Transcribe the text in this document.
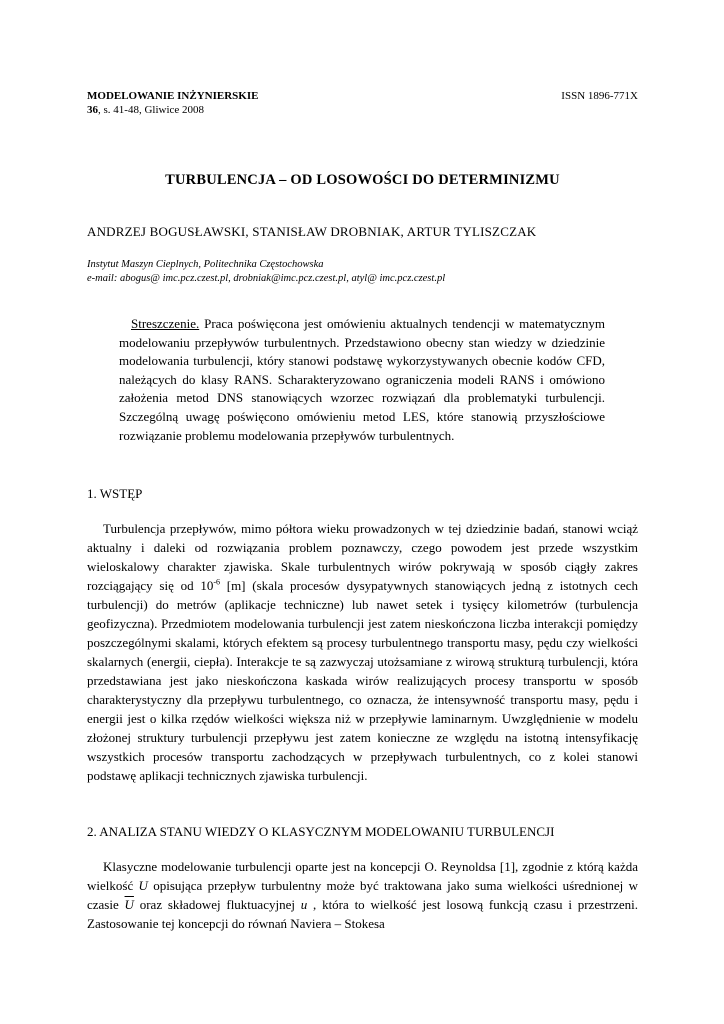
MODELOWANIE INŻYNIERSKIE
36, s. 41-48, Gliwice 2008
ISSN 1896-771X
TURBULENCJA – OD LOSOWOŚCI DO DETERMINIZMU
ANDRZEJ BOGUSŁAWSKI, STANISŁAW DROBNIAK, ARTUR TYLISZCZAK
Instytut Maszyn Cieplnych, Politechnika Częstochowska
e-mail: abogus@ imc.pcz.czest.pl, drobniak@imc.pcz.czest.pl, atyl@ imc.pcz.czest.pl
Streszczenie. Praca poświęcona jest omówieniu aktualnych tendencji w matematycznym modelowaniu przepływów turbulentnych. Przedstawiono obecny stan wiedzy w dziedzinie modelowania turbulencji, który stanowi podstawę wykorzystywanych obecnie kodów CFD, należących do klasy RANS. Scharakteryzowano ograniczenia modeli RANS i omówiono założenia metod DNS stanowiących wzorzec rozwiązań dla problematyki turbulencji. Szczególną uwagę poświęcono omówieniu metod LES, które stanowią przyszłościowe rozwiązanie problemu modelowania przepływów turbulentnych.
1. WSTĘP
Turbulencja przepływów, mimo półtora wieku prowadzonych w tej dziedzinie badań, stanowi wciąż aktualny i daleki od rozwiązania problem poznawczy, czego powodem jest przede wszystkim wieloskalowy charakter zjawiska. Skale turbulentnych wirów pokrywają w sposób ciągły zakres rozciągający się od $10^{-6}$ [m] (skala procesów dysypatywnych stanowiących jedną z istotnych cech turbulencji) do metrów (aplikacje techniczne) lub nawet setek i tysięcy kilometrów (turbulencja geofizyczna). Przedmiotem modelowania turbulencji jest zatem nieskończona liczba interakcji pomiędzy poszczególnymi skalami, których efektem są procesy turbulentnego transportu masy, pędu czy wielkości skalarnych (energii, ciepła). Interakcje te są zazwyczaj utożsamiane z wirową strukturą turbulencji, która przedstawiana jest jako nieskończona kaskada wirów realizujących procesy transportu w sposób charakterystyczny dla przepływu turbulentnego, co oznacza, że intensywność transportu masy, pędu i energii jest o kilka rzędów wielkości większa niż w przepływie laminarnym. Uwzględnienie w modelu złożonej struktury turbulencji przepływu jest zatem konieczne ze względu na istotną intensyfikację wszystkich procesów transportu zachodzących w przepływach turbulentnych, co z kolei stanowi podstawę aplikacji technicznych zjawiska turbulencji.
2. ANALIZA STANU WIEDZY O KLASYCZNYM MODELOWANIU TURBULENCJI
Klasyczne modelowanie turbulencji oparte jest na koncepcji O. Reynoldsa [1], zgodnie z którą każda wielkość U opisująca przepływ turbulentny może być traktowana jako suma wielkości uśrednionej w czasie $\overline{U}$ oraz składowej fluktuacyjnej u , która to wielkość jest losową funkcją czasu i przestrzeni. Zastosowanie tej koncepcji do równań Naviera – Stokesa
